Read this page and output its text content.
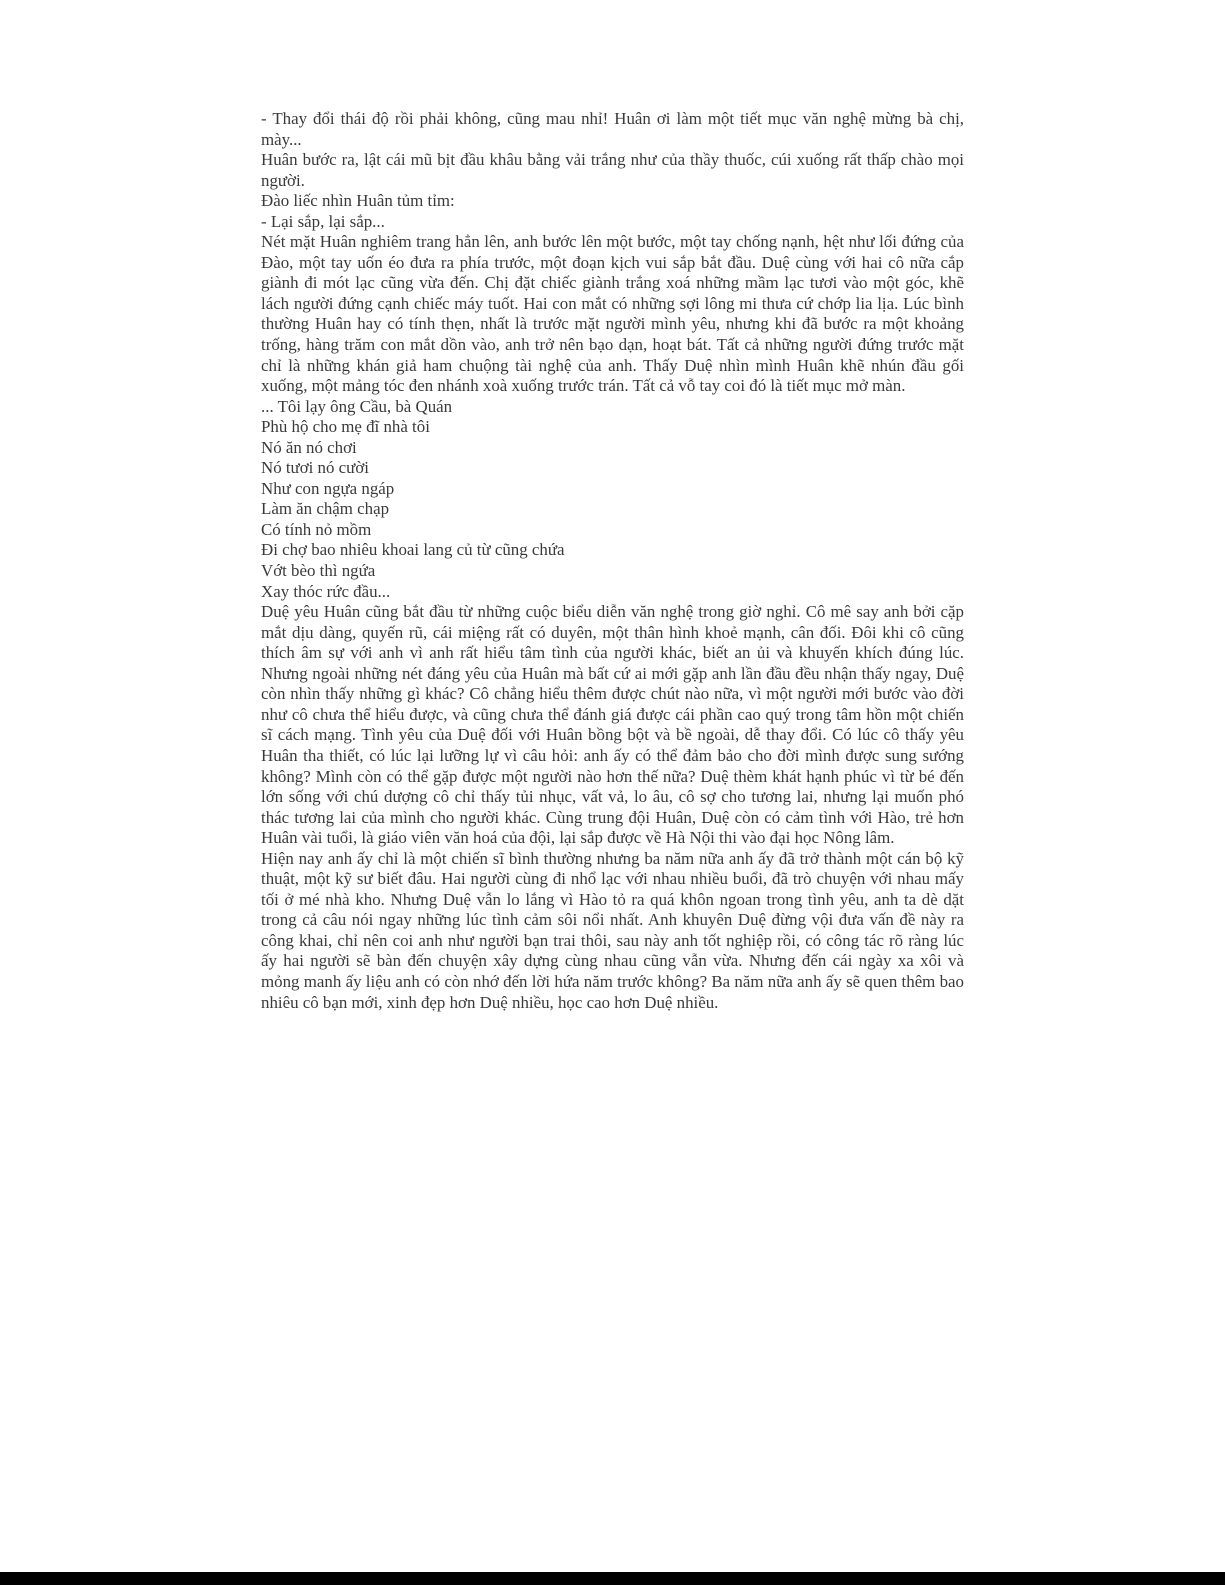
- Thay đổi thái độ rồi phải không, cũng mau nhỉ! Huân ơi làm một tiết mục văn nghệ mừng bà chị, mày...

Huân bước ra, lật cái mũ bịt đầu khâu bằng vải trắng như của thầy thuốc, cúi xuống rất thấp chào mọi người.

Đào liếc nhìn Huân tủm tỉm:

- Lại sắp, lại sắp...

Nét mặt Huân nghiêm trang hẳn lên, anh bước lên một bước, một tay chống nạnh, hệt như lối đứng của Đào, một tay uốn éo đưa ra phía trước, một đoạn kịch vui sắp bắt đầu. Duệ cùng với hai cô nữa cắp giành đi mót lạc cũng vừa đến. Chị đặt chiếc giành trắng xoá những mầm lạc tươi vào một góc, khẽ lách người đứng cạnh chiếc máy tuốt. Hai con mắt có những sợi lông mi thưa cứ chớp lia lịa. Lúc bình thường Huân hay có tính thẹn, nhất là trước mặt người mình yêu, nhưng khi đã bước ra một khoảng trống, hàng trăm con mắt dồn vào, anh trở nên bạo dạn, hoạt bát. Tất cả những người đứng trước mặt chỉ là những khán giả ham chuộng tài nghệ của anh. Thấy Duệ nhìn mình Huân khẽ nhún đầu gối xuống, một mảng tóc đen nhánh xoà xuống trước trán. Tất cả vỗ tay coi đó là tiết mục mở màn.

... Tôi lạy ông Cầu, bà Quán

Phù hộ cho mẹ đĩ nhà tôi

Nó ăn nó chơi

Nó tươi nó cười

Như con ngựa ngáp

Làm ăn chậm chạp

Có tính nỏ mồm

Đi chợ bao nhiêu khoai lang củ từ cũng chứa

Vớt bèo thì ngứa

Xay thóc rức đầu...

Duệ yêu Huân cũng bắt đầu từ những cuộc biểu diễn văn nghệ trong giờ nghỉ. Cô mê say anh bởi cặp mắt dịu dàng, quyến rũ, cái miệng rất có duyên, một thân hình khoẻ mạnh, cân đối. Đôi khi cô cũng thích âm sự với anh vì anh rất hiểu tâm tình của người khác, biết an ủi và khuyến khích đúng lúc. Nhưng ngoài những nét đáng yêu của Huân mà bất cứ ai mới gặp anh lần đầu đều nhận thấy ngay, Duệ còn nhìn thấy những gì khác? Cô chẳng hiểu thêm được chút nào nữa, vì một người mới bước vào đời như cô chưa thể hiểu được, và cũng chưa thể đánh giá được cái phần cao quý trong tâm hồn một chiến sĩ cách mạng. Tình yêu của Duệ đối với Huân bồng bột và bề ngoài, dễ thay đổi. Có lúc cô thấy yêu Huân tha thiết, có lúc lại lưỡng lự vì câu hỏi: anh ấy có thể đảm bảo cho đời mình được sung sướng không? Mình còn có thể gặp được một người nào hơn thế nữa? Duệ thèm khát hạnh phúc vì từ bé đến lớn sống với chú dượng cô chỉ thấy tủi nhục, vất vả, lo âu, cô sợ cho tương lai, nhưng lại muốn phó thác tương lai của mình cho người khác. Cùng trung đội Huân, Duệ còn có cảm tình với Hào, trẻ hơn Huân vài tuổi, là giáo viên văn hoá của đội, lại sắp được về Hà Nội thi vào đại học Nông lâm.

Hiện nay anh ấy chỉ là một chiến sĩ bình thường nhưng ba năm nữa anh ấy đã trở thành một cán bộ kỹ thuật, một kỹ sư biết đâu. Hai người cùng đi nhổ lạc với nhau nhiều buổi, đã trò chuyện với nhau mấy tối ở mé nhà kho. Nhưng Duệ vẫn lo lắng vì Hào tỏ ra quá khôn ngoan trong tình yêu, anh ta dè dặt trong cả câu nói ngay những lúc tình cảm sôi nổi nhất. Anh khuyên Duệ đừng vội đưa vấn đề này ra công khai, chỉ nên coi anh như người bạn trai thôi, sau này anh tốt nghiệp rồi, có công tác rõ ràng lúc ấy hai người sẽ bàn đến chuyện xây dựng cùng nhau cũng vẫn vừa. Nhưng đến cái ngày xa xôi và mỏng manh ấy liệu anh có còn nhớ đến lời hứa năm trước không? Ba năm nữa anh ấy sẽ quen thêm bao nhiêu cô bạn mới, xinh đẹp hơn Duệ nhiều, học cao hơn Duệ nhiều.
